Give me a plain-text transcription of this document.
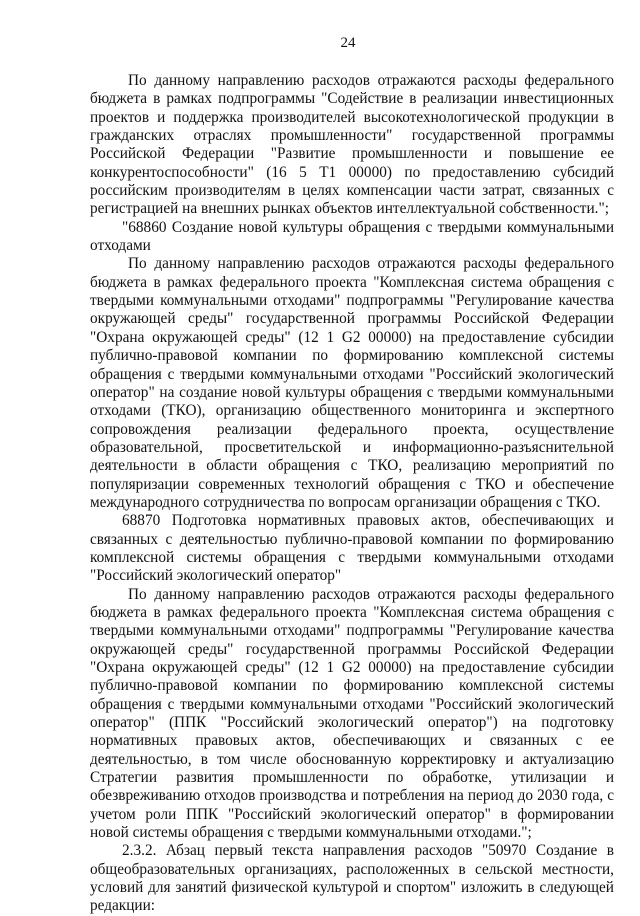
24

По данному направлению расходов отражаются расходы федерального бюджета в рамках подпрограммы "Содействие в реализации инвестиционных проектов и поддержка производителей высокотехнологической продукции в гражданских отраслях промышленности" государственной программы Российской Федерации "Развитие промышленности и повышение ее конкурентоспособности" (16 5 Т1 00000) по предоставлению субсидий российским производителям в целях компенсации части затрат, связанных с регистрацией на внешних рынках объектов интеллектуальной собственности.";

"68860 Создание новой культуры обращения с твердыми коммунальными отходами

По данному направлению расходов отражаются расходы федерального бюджета в рамках федерального проекта "Комплексная система обращения с твердыми коммунальными отходами" подпрограммы "Регулирование качества окружающей среды" государственной программы Российской Федерации "Охрана окружающей среды" (12 1 G2 00000) на предоставление субсидии публично-правовой компании по формированию комплексной системы обращения с твердыми коммунальными отходами "Российский экологический оператор" на создание новой культуры обращения с твердыми коммунальными отходами (ТКО), организацию общественного мониторинга и экспертного сопровождения реализации федерального проекта, осуществление образовательной, просветительской и информационно-разъяснительной деятельности в области обращения с ТКО, реализацию мероприятий по популяризации современных технологий обращения с ТКО и обеспечение международного сотрудничества по вопросам организации обращения с ТКО.

68870 Подготовка нормативных правовых актов, обеспечивающих и связанных с деятельностью публично-правовой компании по формированию комплексной системы обращения с твердыми коммунальными отходами "Российский экологический оператор"

По данному направлению расходов отражаются расходы федерального бюджета в рамках федерального проекта "Комплексная система обращения с твердыми коммунальными отходами" подпрограммы "Регулирование качества окружающей среды" государственной программы Российской Федерации "Охрана окружающей среды" (12 1 G2 00000) на предоставление субсидии публично-правовой компании по формированию комплексной системы обращения с твердыми коммунальными отходами "Российский экологический оператор" (ППК "Российский экологический оператор") на подготовку нормативных правовых актов, обеспечивающих и связанных с ее деятельностью, в том числе обоснованную корректировку и актуализацию Стратегии развития промышленности по обработке, утилизации и обезвреживанию отходов производства и потребления на период до 2030 года, с учетом роли ППК "Российский экологический оператор" в формировании новой системы обращения с твердыми коммунальными отходами.";

2.3.2. Абзац первый текста направления расходов "50970 Создание в общеобразовательных организациях, расположенных в сельской местности, условий для занятий физической культурой и спортом" изложить в следующей редакции:
